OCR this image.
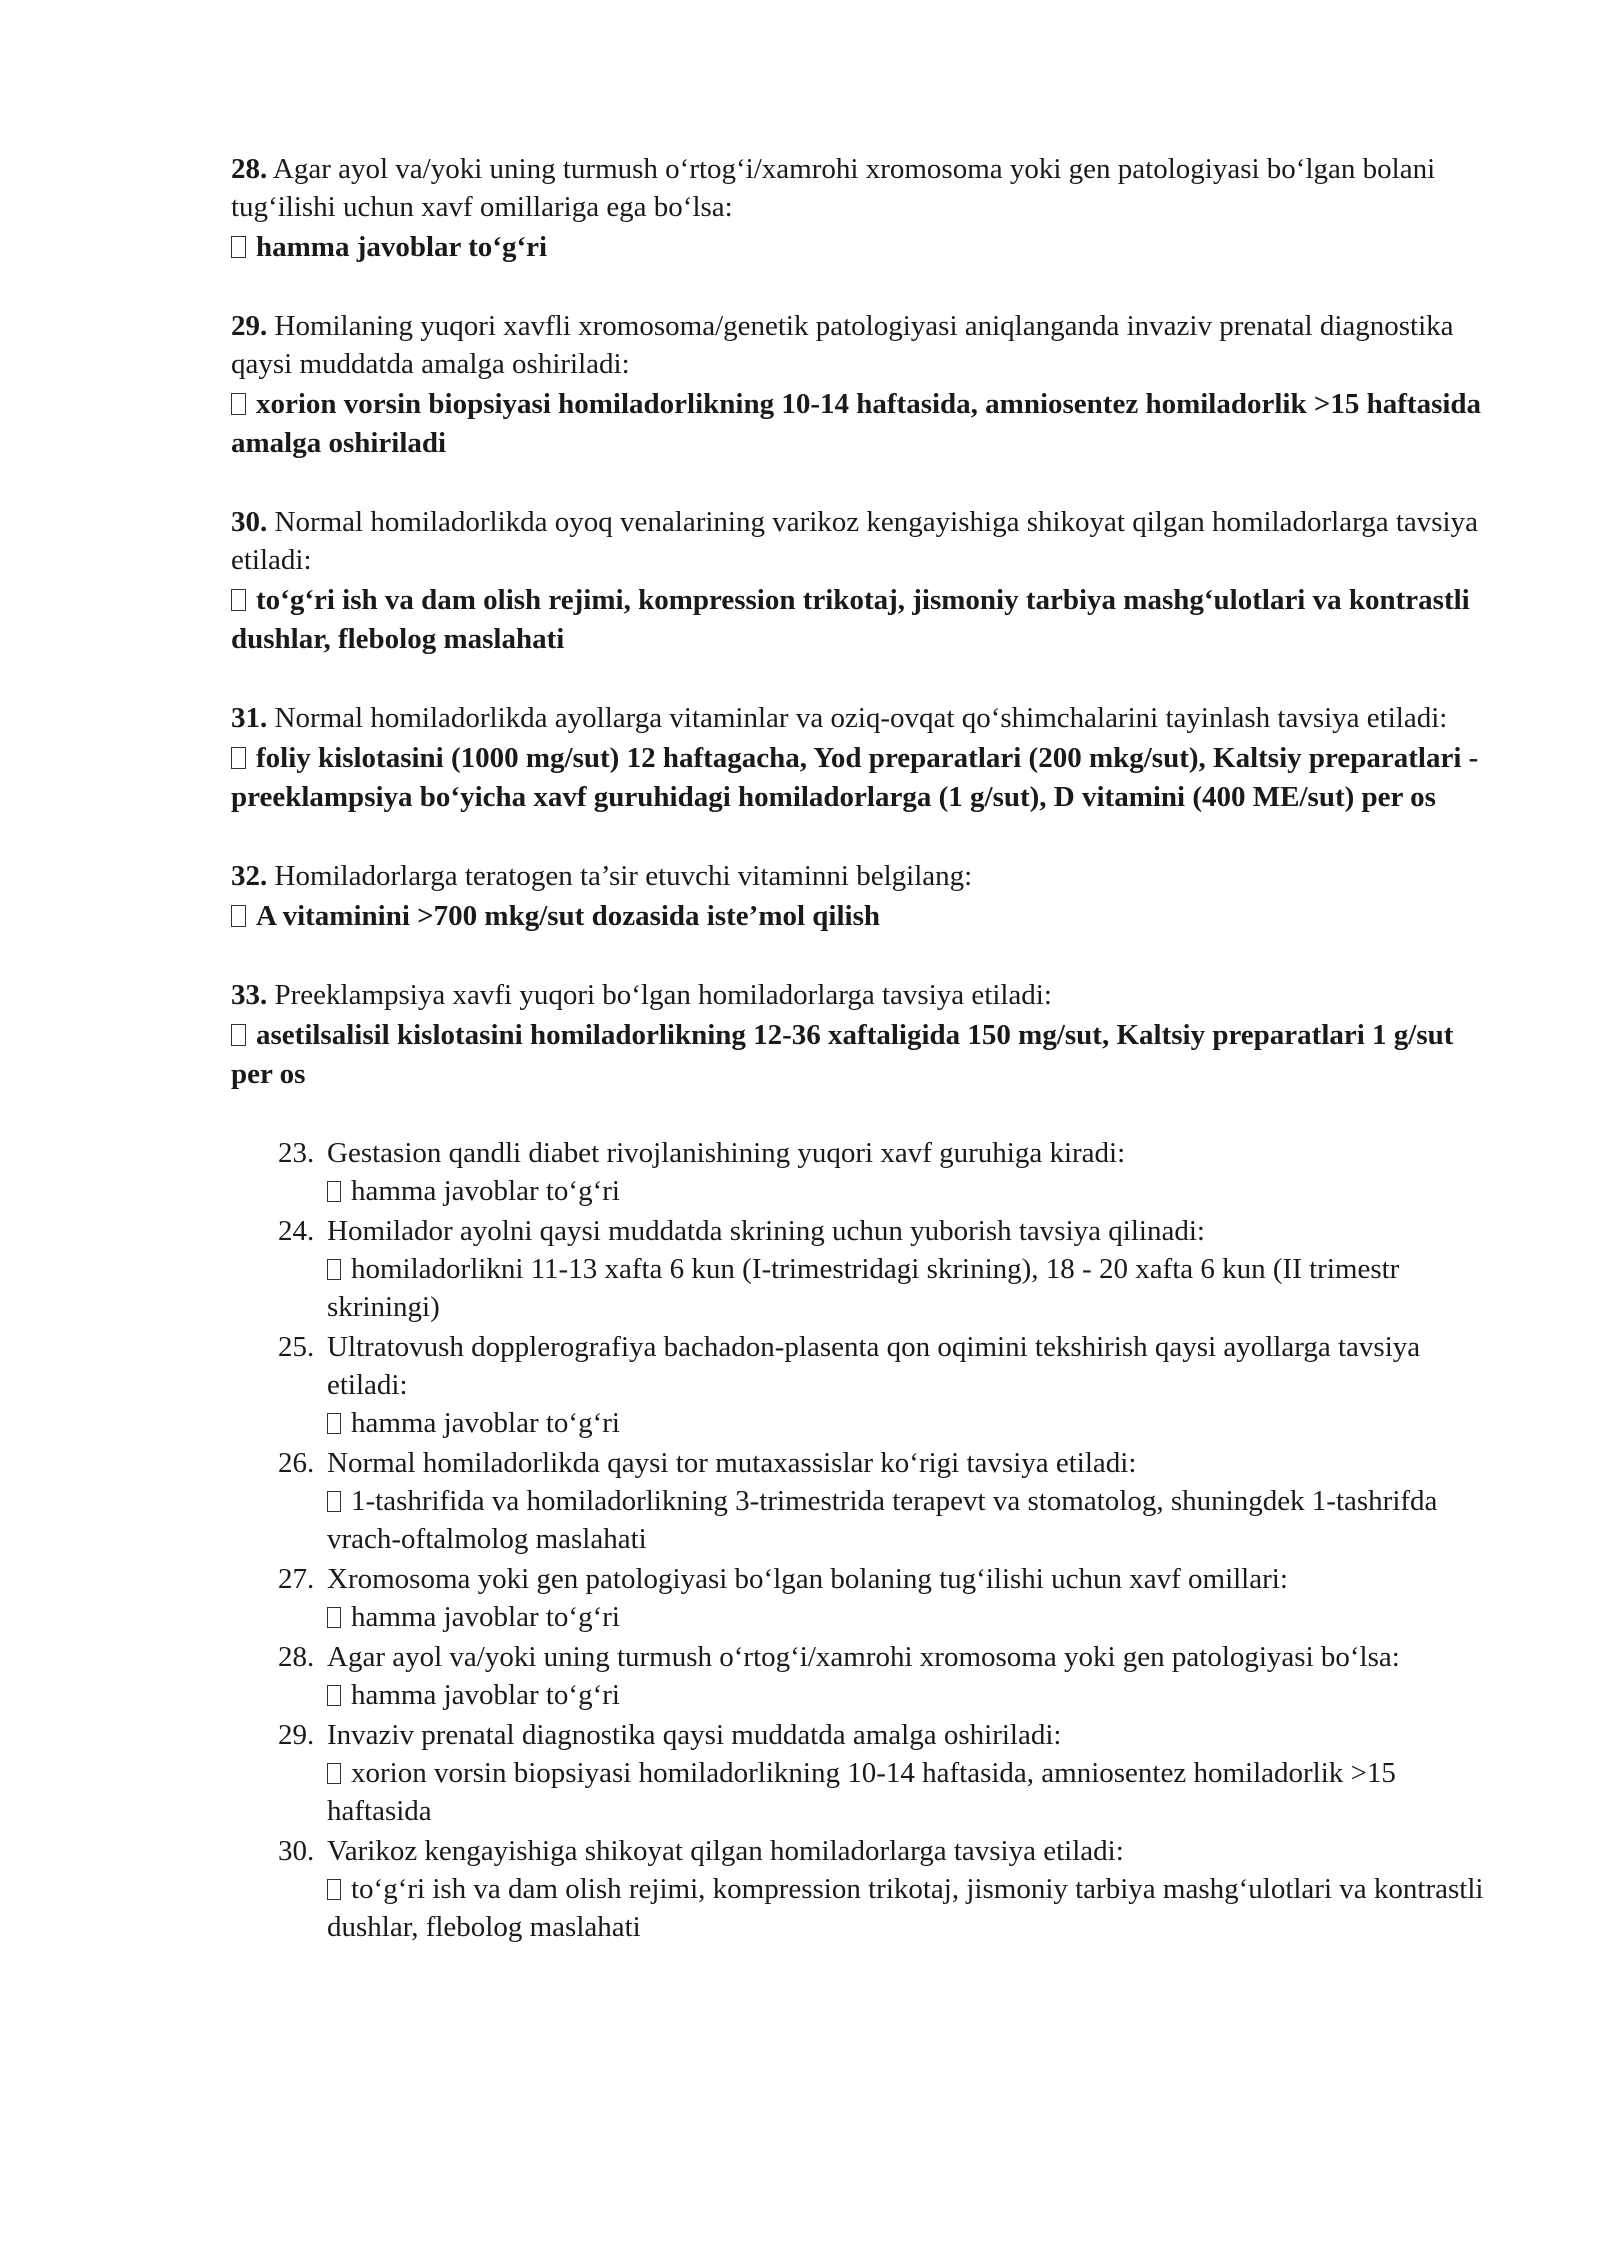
28. Agar ayol va/yoki uning turmush o‘rtog‘i/xamrohi xromosoma yoki gen patologiyasi bo‘lgan bolani tug‘ilishi uchun xavf omillariga ega bo‘lsa:
hamma javoblar to‘g‘ri
29. Homilaning yuqori xavfli xromosoma/genetik patologiyasi aniqlanganda invaziv prenatal diagnostika qaysi muddatda amalga oshiriladi:
xorion vorsin biopsiyasi homiladorlikning 10-14 haftasida, amniosentez homiladorlik >15 haftasida amalga oshiriladi
30. Normal homiladorlikda oyoq venalarining varikoz kengayishiga shikoyat qilgan homiladorlarga tavsiya etiladi:
to‘g‘ri ish va dam olish rejimi, kompression trikotaj, jismoniy tarbiya mashg‘ulotlari va kontrastli dushlar, flebolog maslahati
31. Normal homiladorlikda ayollarga vitaminlar va oziq-ovqat qo‘shimchalarini tayinlash tavsiya etiladi:
foliy kislotasini (1000 mg/sut) 12 haftagacha, Yod preparatlari (200 mkg/sut), Kaltsiy preparatlari - preeklampsiya bo‘yicha xavf guruhidagi homiladorlarga (1 g/sut), D vitamini (400 ME/sut) per os
32. Homiladorlarga teratogen ta’sir etuvchi vitaminni belgilang:
A vitaminini >700 mkg/sut dozasida iste’mol qilish
33. Preeklampsiya xavfi yuqori bo‘lgan homiladorlarga tavsiya etiladi:
asetilsalisil kislotasini homiladorlikning 12-36 xaftaligida 150 mg/sut, Kaltsiy preparatlari 1 g/sut per os
23. Gestasion qandli diabet rivojlanishining yuqori xavf guruhiga kiradi:
hamma javoblar to‘g‘ri
24. Homilador ayolni qaysi muddatda skrining uchun yuborish tavsiya qilinadi:
homiladorlikni 11-13 xafta 6 kun (I-trimestridagi skrining), 18 - 20 xafta 6 kun (II trimestr skriningi)
25. Ultratovush dopplerografiya bachadon-plasenta qon oqimini tekshirish qaysi ayollarga tavsiya etiladi:
hamma javoblar to‘g‘ri
26. Normal homiladorlikda qaysi tor mutaxassislar ko‘rigi tavsiya etiladi:
1-tashrifida va homiladorlikning 3-trimestrida terapevt va stomatolog, shuningdek 1-tashrifda vrach-oftalmolog maslahati
27. Xromosoma yoki gen patologiyasi bo‘lgan bolaning tug‘ilishi uchun xavf omillari:
hamma javoblar to‘g‘ri
28. Agar ayol va/yoki uning turmush o‘rtog‘i/xamrohi xromosoma yoki gen patologiyasi bo‘lsa:
hamma javoblar to‘g‘ri
29. Invaziv prenatal diagnostika qaysi muddatda amalga oshiriladi:
xorion vorsin biopsiyasi homiladorlikning 10-14 haftasida, amniosentez homiladorlik >15 haftasida
30. Varikoz kengayishiga shikoyat qilgan homiladorlarga tavsiya etiladi:
to‘g‘ri ish va dam olish rejimi, kompression trikotaj, jismoniy tarbiya mashg‘ulotlari va kontrastli dushlar, flebolog maslahati
